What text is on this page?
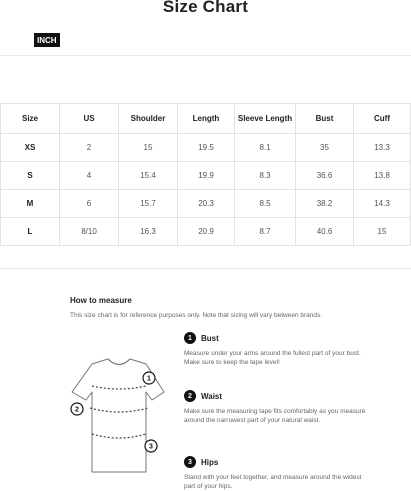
Size Chart
INCH
Size	US	Shoulder	Length	Sleeve Length	Bust	Cuff
XS	2	15	19.5	8.1	35	13.3
S	4	15.4	19.9	8.3	36.6	13.8
M	6	15.7	20.3	8.5	38.2	14.3
L	8/10	16.3	20.9	8.7	40.6	15
How to measure
This size chart is for reference purposes only. Note that sizing will vary between brands.
1
2
3
1	Bust
Measure under your arms around the fullest part of your bust. Make sure to keep the tape level!
2	Waist
Make sure the measuring tape fits comfortably as you measure around the narrowest part of your natural waist.
3	Hips
Stand with your feet together, and measure around the widest part of your hips.
